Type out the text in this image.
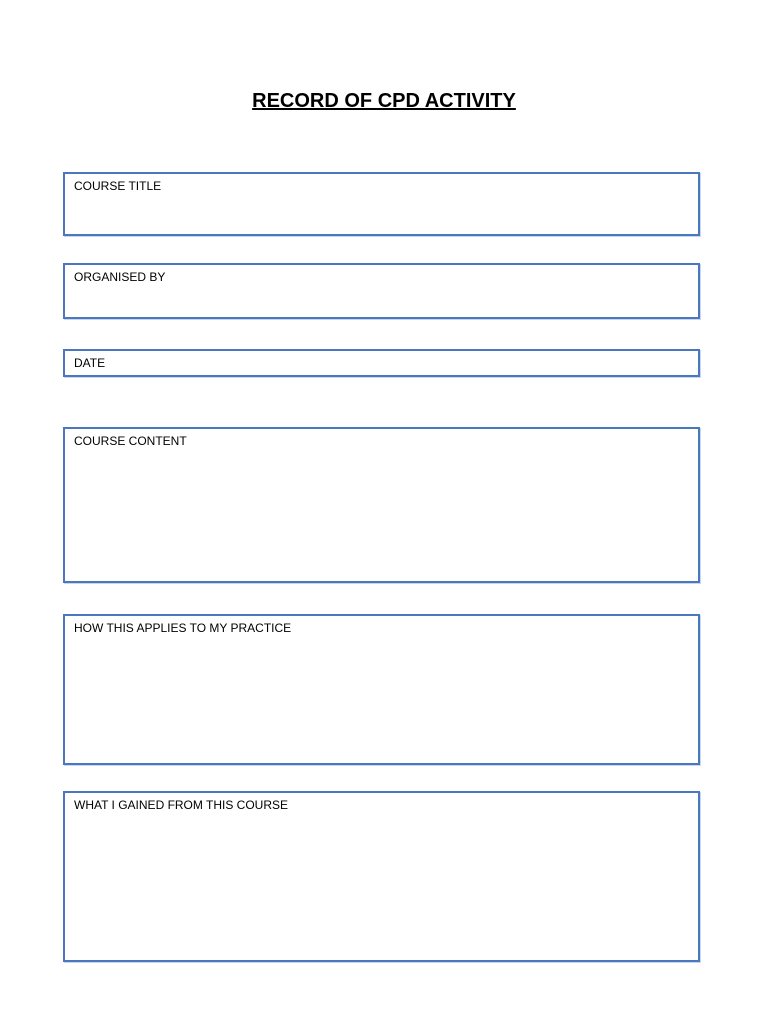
RECORD OF CPD ACTIVITY
COURSE TITLE
ORGANISED BY
DATE
COURSE CONTENT
HOW THIS APPLIES TO MY PRACTICE
WHAT I GAINED FROM THIS COURSE
